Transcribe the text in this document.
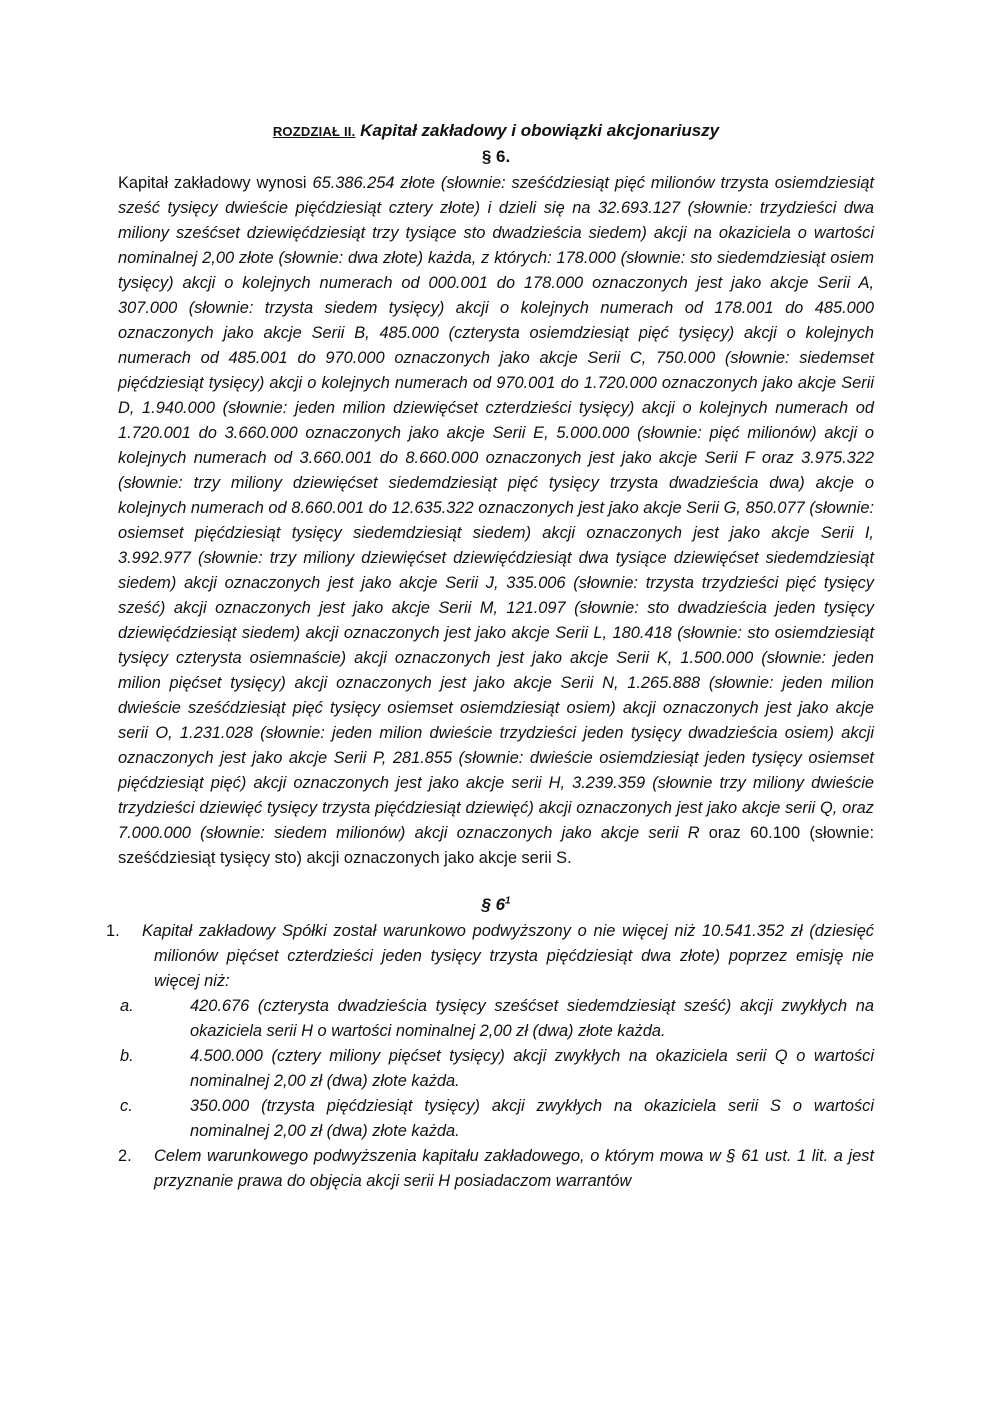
ROZDZIAŁ II. Kapitał zakładowy i obowiązki akcjonariuszy

§ 6.

Kapitał zakładowy wynosi 65.386.254 złote (słownie: sześćdziesiąt pięć milionów trzysta osiemdziesiąt sześć tysięcy dwieście pięćdziesiąt cztery złote) i dzieli się na 32.693.127 (słownie: trzydzieści dwa miliony sześćset dziewięćdziesiąt trzy tysiące sto dwadzieścia siedem) akcji na okaziciela o wartości nominalnej 2,00 złote (słownie: dwa złote) każda, z których: 178.000 (słownie: sto siedemdziesiąt osiem tysięcy) akcji o kolejnych numerach od 000.001 do 178.000 oznaczonych jest jako akcje Serii A, 307.000 (słownie: trzysta siedem tysięcy) akcji o kolejnych numerach od 178.001 do 485.000 oznaczonych jako akcje Serii B, 485.000 (czterysta osiemdziesiąt pięć tysięcy) akcji o kolejnych numerach od 485.001 do 970.000 oznaczonych jako akcje Serii C, 750.000 (słownie: siedemset pięćdziesiąt tysięcy) akcji o kolejnych numerach od 970.001 do 1.720.000 oznaczonych jako akcje Serii D, 1.940.000 (słownie: jeden milion dziewięćset czterdzieści tysięcy) akcji o kolejnych numerach od 1.720.001 do 3.660.000 oznaczonych jako akcje Serii E, 5.000.000 (słownie: pięć milionów) akcji o kolejnych numerach od 3.660.001 do 8.660.000 oznaczonych jest jako akcje Serii F oraz 3.975.322 (słownie: trzy miliony dziewięćset siedemdziesiąt pięć tysięcy trzysta dwadzieścia dwa) akcje o kolejnych numerach od 8.660.001 do 12.635.322 oznaczonych jest jako akcje Serii G, 850.077 (słownie: osiemset pięćdziesiąt tysięcy siedemdziesiąt siedem) akcji oznaczonych jest jako akcje Serii I, 3.992.977 (słownie: trzy miliony dziewięćset dziewięćdziesiąt dwa tysiące dziewięćset siedemdziesiąt siedem) akcji oznaczonych jest jako akcje Serii J, 335.006 (słownie: trzysta trzydzieści pięć tysięcy sześć) akcji oznaczonych jest jako akcje Serii M, 121.097 (słownie: sto dwadzieścia jeden tysięcy dziewięćdziesiąt siedem) akcji oznaczonych jest jako akcje Serii L, 180.418 (słownie: sto osiemdziesiąt tysięcy czterysta osiemnaście) akcji oznaczonych jest jako akcje Serii K, 1.500.000 (słownie: jeden milion pięćset tysięcy) akcji oznaczonych jest jako akcje Serii N, 1.265.888 (słownie: jeden milion dwieście sześćdziesiąt pięć tysięcy osiemset osiemdziesiąt osiem) akcji oznaczonych jest jako akcje serii O, 1.231.028 (słownie: jeden milion dwieście trzydzieści jeden tysięcy dwadzieścia osiem) akcji oznaczonych jest jako akcje Serii P, 281.855 (słownie: dwieście osiemdziesiąt jeden tysięcy osiemset pięćdziesiąt pięć) akcji oznaczonych jest jako akcje serii H, 3.239.359 (słownie trzy miliony dwieście trzydzieści dziewięć tysięcy trzysta pięćdziesiąt dziewięć) akcji oznaczonych jest jako akcje serii Q, oraz 7.000.000 (słownie: siedem milionów) akcji oznaczonych jako akcje serii R oraz 60.100 (słownie: sześćdziesiąt tysięcy sto) akcji oznaczonych jako akcje serii S.

§ $6^1$

1. Kapitał zakładowy Spółki został warunkowo podwyższony o nie więcej niż 10.541.352 zł (dziesięć milionów pięćset czterdzieści jeden tysięcy trzysta pięćdziesiąt dwa złote) poprzez emisję nie więcej niż:
a.	420.676 (czterysta dwadzieścia tysięcy sześćset siedemdziesiąt sześć) akcji zwykłych na okaziciela serii H o wartości nominalnej 2,00 zł (dwa) złote każda.
b.	4.500.000 (cztery miliony pięćset tysięcy) akcji zwykłych na okaziciela serii Q o wartości nominalnej 2,00 zł (dwa) złote każda.
c.	350.000 (trzysta pięćdziesiąt tysięcy) akcji zwykłych na okaziciela serii S o wartości nominalnej 2,00 zł (dwa) złote każda.
2. Celem warunkowego podwyższenia kapitału zakładowego, o którym mowa w § 61 ust. 1 lit. a jest przyznanie prawa do objęcia akcji serii H posiadaczom warrantów
